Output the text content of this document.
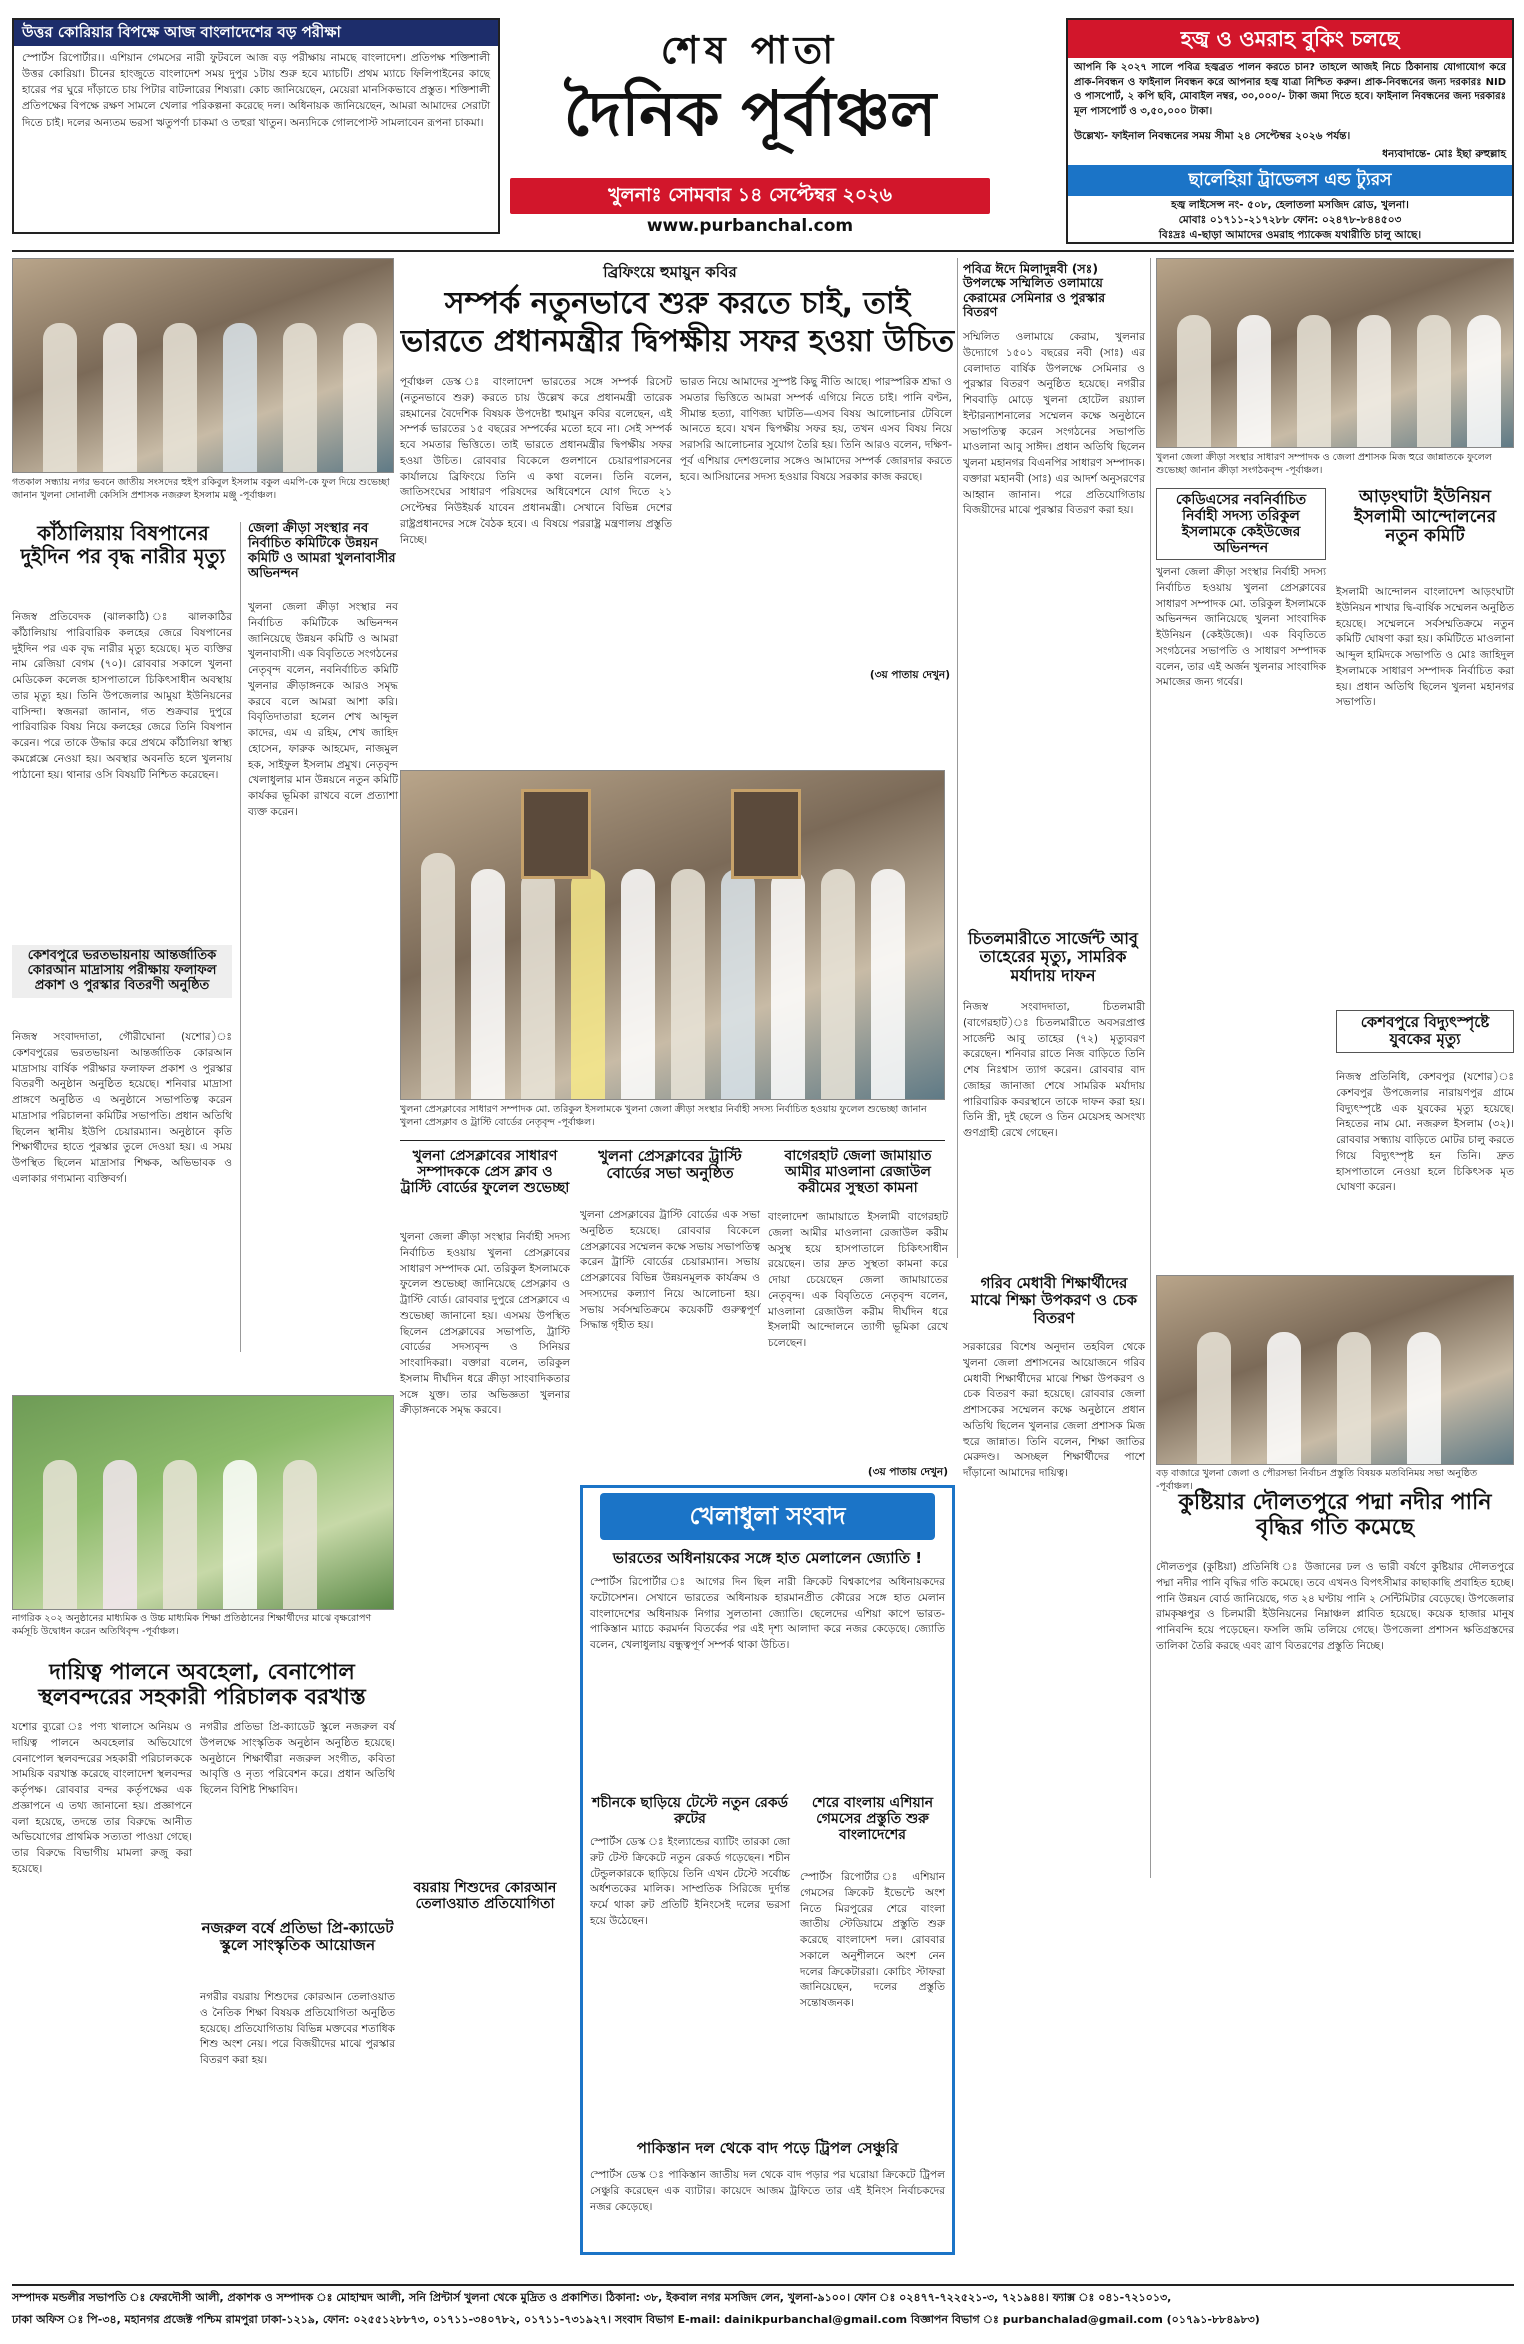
উত্তর কোরিয়ার বিপক্ষে আজ বাংলাদেশের বড় পরীক্ষা
স্পোর্টস রিপোর্টার।। এশিয়ান গেমসের নারী ফুটবলে আজ বড় পরীক্ষায় নামছে বাংলাদেশ। প্রতিপক্ষ শক্তিশালী উত্তর কোরিয়া। চীনের হাংজুতে বাংলাদেশ সময় দুপুর ১টায় শুরু হবে ম্যাচটি। প্রথম ম্যাচে ফিলিপাইনের কাছে হারের পর ঘুরে দাঁড়াতে চায় পিটার বাটলারের শিষ্যরা। কোচ জানিয়েছেন, মেয়েরা মানসিকভাবে প্রস্তুত। শক্তিশালী প্রতিপক্ষের বিপক্ষে রক্ষণ সামলে খেলার পরিকল্পনা করেছে দল। অধিনায়ক জানিয়েছেন, আমরা আমাদের সেরাটা দিতে চাই। দলের অন্যতম ভরসা ঋতুপর্ণা চাকমা ও তহুরা খাতুন। অন্যদিকে গোলপোস্ট সামলাবেন রূপনা চাকমা।
শেষ পাতা
দৈনিক পূর্বাঞ্চল
খুলনাঃ সোমবার ১৪ সেপ্টেম্বর ২০২৬
www.purbanchal.com
হজ্ব ও ওমরাহ বুকিং চলছে
আপনি কি ২০২৭ সালে পবিত্র হজ্বব্রত পালন করতে চান? তাহলে আজই নিচে ঠিকানায় যোগাযোগ করে প্রাক-নিবন্ধন ও ফাইনাল নিবন্ধন করে আপনার হজ্ব যাত্রা নিশ্চিত করুন। প্রাক-নিবন্ধনের জন্য দরকারঃ NID ও পাসপোর্ট, ২ কপি ছবি, মোবাইল নম্বর, ৩০,০০০/- টাকা জমা দিতে হবে। ফাইনাল নিবন্ধনের জন্য দরকারঃ মূল পাসপোর্ট ও ৩,৫০,০০০ টাকা।
উল্লেখ্য- ফাইনাল নিবন্ধনের সময় সীমা ২৪ সেপ্টেম্বর ২০২৬ পর্যন্ত।
ধন্যবাদান্তে- মোঃ ইছা রুহুল্লাহ
ছালেহিয়া ট্রাভেলস এন্ড ট্যুরস
হজ্ব লাইসেন্স নং- ৫০৮, হেলাতলা মসজিদ রোড, খুলনা।
মোবাঃ ০১৭১১-২১৭২৮৮ ফোন: ০২৪৭৮-৮৪৪৫০৩
বিঃদ্রঃ এ-ছাড়া আমাদের ওমরাহ প্যাকেজ যথারীতি চালু আছে।
গতকাল সন্ধ্যায় নগর ভবনে জাতীয় সংসদের হুইপ রকিবুল ইসলাম বকুল এমপি-কে ফুল দিয়ে শুভেচ্ছা জানান খুলনা সোনালী কেসিসি প্রশাসক নজরুল ইসলাম মঞ্জু -পূর্বাঞ্চল।
কাঁঠালিয়ায় বিষপানের দুইদিন পর বৃদ্ধ নারীর মৃত্যু
নিজস্ব প্রতিবেদক (ঝালকাঠি) ঃ ঝালকাঠির কাঁঠালিয়ায় পারিবারিক কলহের জেরে বিষপানের দুইদিন পর এক বৃদ্ধ নারীর মৃত্যু হয়েছে। মৃত ব্যক্তির নাম রেজিয়া বেগম (৭০)। রোববার সকালে খুলনা মেডিকেল কলেজ হাসপাতালে চিকিৎসাধীন অবস্থায় তার মৃত্যু হয়। তিনি উপজেলার আমুয়া ইউনিয়নের বাসিন্দা। স্বজনরা জানান, গত শুক্রবার দুপুরে পারিবারিক বিষয় নিয়ে কলহের জেরে তিনি বিষপান করেন। পরে তাকে উদ্ধার করে প্রথমে কাঁঠালিয়া স্বাস্থ্য কমপ্লেক্সে নেওয়া হয়। অবস্থার অবনতি হলে খুলনায় পাঠানো হয়। থানার ওসি বিষয়টি নিশ্চিত করেছেন।
কেশবপুরে ভরতভায়নায় আন্তর্জাতিক কোরআন মাদ্রাসায় পরীক্ষায় ফলাফল প্রকাশ ও পুরস্কার বিতরণী অনুষ্ঠিত
নিজস্ব সংবাদদাতা, গৌরীঘোনা (যশোর)ঃ কেশবপুরের ভরতভায়না আন্তর্জাতিক কোরআন মাদ্রাসায় বার্ষিক পরীক্ষার ফলাফল প্রকাশ ও পুরস্কার বিতরণী অনুষ্ঠান অনুষ্ঠিত হয়েছে। শনিবার মাদ্রাসা প্রাঙ্গণে অনুষ্ঠিত এ অনুষ্ঠানে সভাপতিত্ব করেন মাদ্রাসার পরিচালনা কমিটির সভাপতি। প্রধান অতিথি ছিলেন স্থানীয় ইউপি চেয়ারম্যান। অনুষ্ঠানে কৃতি শিক্ষার্থীদের হাতে পুরস্কার তুলে দেওয়া হয়। এ সময় উপস্থিত ছিলেন মাদ্রাসার শিক্ষক, অভিভাবক ও এলাকার গণ্যমান্য ব্যক্তিবর্গ।
জেলা ক্রীড়া সংস্থার নব নির্বাচিত কমিটিকে উন্নয়ন কমিটি ও আমরা খুলনাবাসীর অভিনন্দন
খুলনা জেলা ক্রীড়া সংস্থার নব নির্বাচিত কমিটিকে অভিনন্দন জানিয়েছে উন্নয়ন কমিটি ও আমরা খুলনাবাসী। এক বিবৃতিতে সংগঠনের নেতৃবৃন্দ বলেন, নবনির্বাচিত কমিটি খুলনার ক্রীড়াঙ্গনকে আরও সমৃদ্ধ করবে বলে আমরা আশা করি। বিবৃতিদাতারা হলেন শেখ আব্দুল কাদের, এম এ রহিম, শেখ জাহিদ হোসেন, ফারুক আহমেদ, নাজমুল হক, সাইফুল ইসলাম প্রমুখ। নেতৃবৃন্দ খেলাধুলার মান উন্নয়নে নতুন কমিটি কার্যকর ভূমিকা রাখবে বলে প্রত্যাশা ব্যক্ত করেন।
ব্রিফিংয়ে হুমায়ুন কবির
সম্পর্ক নতুনভাবে শুরু করতে চাই, তাই ভারতে প্রধানমন্ত্রীর দ্বিপক্ষীয় সফর হওয়া উচিত
পূর্বাঞ্চল ডেস্ক ঃ বাংলাদেশ ভারতের সঙ্গে সম্পর্ক রিসেট (নতুনভাবে শুরু) করতে চায় উল্লেখ করে প্রধানমন্ত্রী তারেক রহমানের বৈদেশিক বিষয়ক উপদেষ্টা হুমায়ুন কবির বলেছেন, এই সম্পর্ক ভারতের ১৫ বছরের সম্পর্কের মতো হবে না। সেই সম্পর্ক হবে সমতার ভিত্তিতে। তাই ভারতে প্রধানমন্ত্রীর দ্বিপক্ষীয় সফর হওয়া উচিত। রোববার বিকেলে গুলশানে চেয়ারপারসনের কার্যালয়ে ব্রিফিংয়ে তিনি এ কথা বলেন। তিনি বলেন, জাতিসংঘের সাধারণ পরিষদের অধিবেশনে যোগ দিতে ২১ সেপ্টেম্বর নিউইয়র্ক যাবেন প্রধানমন্ত্রী। সেখানে বিভিন্ন দেশের রাষ্ট্রপ্রধানদের সঙ্গে বৈঠক হবে। এ বিষয়ে পররাষ্ট্র মন্ত্রণালয় প্রস্তুতি নিচ্ছে।
ভারত নিয়ে আমাদের সুস্পষ্ট কিছু নীতি আছে। পারস্পরিক শ্রদ্ধা ও সমতার ভিত্তিতে আমরা সম্পর্ক এগিয়ে নিতে চাই। পানি বণ্টন, সীমান্ত হত্যা, বাণিজ্য ঘাটতি—এসব বিষয় আলোচনার টেবিলে আনতে হবে। যখন দ্বিপক্ষীয় সফর হয়, তখন এসব বিষয় নিয়ে সরাসরি আলোচনার সুযোগ তৈরি হয়। তিনি আরও বলেন, দক্ষিণ-পূর্ব এশিয়ার দেশগুলোর সঙ্গেও আমাদের সম্পর্ক জোরদার করতে হবে। আসিয়ানের সদস্য হওয়ার বিষয়ে সরকার কাজ করছে।
(৩য় পাতায় দেখুন)
পবিত্র ঈদে মিলাদুন্নবী (সঃ) উপলক্ষে সম্মিলিত ওলামায়ে কেরামের সেমিনার ও পুরস্কার বিতরণ
সম্মিলিত ওলামায়ে কেরাম, খুলনার উদ্যোগে ১৫০১ বছরের নবী (সাঃ) এর বেলাদাত বার্ষিক উপলক্ষে সেমিনার ও পুরস্কার বিতরণ অনুষ্ঠিত হয়েছে। নগরীর শিববাড়ি মোড়ে খুলনা হোটেল রয়্যাল ইন্টারন্যাশনালের সম্মেলন কক্ষে অনুষ্ঠানে সভাপতিত্ব করেন সংগঠনের সভাপতি মাওলানা আবু সাঈদ। প্রধান অতিথি ছিলেন খুলনা মহানগর বিএনপির সাধারণ সম্পাদক। বক্তারা মহানবী (সাঃ) এর আদর্শ অনুসরণের আহ্বান জানান। পরে প্রতিযোগিতায় বিজয়ীদের মাঝে পুরস্কার বিতরণ করা হয়।
খুলনা প্রেসক্লাবের সাধারণ সম্পাদক মো. তরিকুল ইসলামকে খুলনা জেলা ক্রীড়া সংস্থার নির্বাহী সদস্য নির্বাচিত হওয়ায় ফুলেল শুভেচ্ছা জানান খুলনা প্রেসক্লাব ও ট্রাস্টি বোর্ডের নেতৃবৃন্দ -পূর্বাঞ্চল।
চিতলমারীতে সার্জেন্ট আবু তাহেরের মৃত্যু, সামরিক মর্যাদায় দাফন
নিজস্ব সংবাদদাতা, চিতলমারী (বাগেরহাট)ঃ চিতলমারীতে অবসরপ্রাপ্ত সার্জেন্ট আবু তাহের (৭২) মৃত্যুবরণ করেছেন। শনিবার রাতে নিজ বাড়িতে তিনি শেষ নিঃশ্বাস ত্যাগ করেন। রোববার বাদ জোহর জানাজা শেষে সামরিক মর্যাদায় পারিবারিক কবরস্থানে তাকে দাফন করা হয়। তিনি স্ত্রী, দুই ছেলে ও তিন মেয়েসহ অসংখ্য গুণগ্রাহী রেখে গেছেন।
গরিব মেধাবী শিক্ষার্থীদের মাঝে শিক্ষা উপকরণ ও চেক বিতরণ
সরকারের বিশেষ অনুদান তহবিল থেকে খুলনা জেলা প্রশাসনের আয়োজনে গরিব মেধাবী শিক্ষার্থীদের মাঝে শিক্ষা উপকরণ ও চেক বিতরণ করা হয়েছে। রোববার জেলা প্রশাসকের সম্মেলন কক্ষে অনুষ্ঠানে প্রধান অতিথি ছিলেন খুলনার জেলা প্রশাসক মিজ হুরে জান্নাত। তিনি বলেন, শিক্ষা জাতির মেরুদণ্ড। অসচ্ছল শিক্ষার্থীদের পাশে দাঁড়ানো আমাদের দায়িত্ব।
খুলনা জেলা ক্রীড়া সংস্থার সাধারণ সম্পাদক ও জেলা প্রশাসক মিজ হুরে জান্নাতকে ফুলেল শুভেচ্ছা জানান ক্রীড়া সংগঠকবৃন্দ -পূর্বাঞ্চল।
কেডিএসের নবনির্বাচিত নির্বাহী সদস্য তরিকুল ইসলামকে কেইউজের অভিনন্দন
খুলনা জেলা ক্রীড়া সংস্থার নির্বাহী সদস্য নির্বাচিত হওয়ায় খুলনা প্রেসক্লাবের সাধারণ সম্পাদক মো. তরিকুল ইসলামকে অভিনন্দন জানিয়েছে খুলনা সাংবাদিক ইউনিয়ন (কেইউজে)। এক বিবৃতিতে সংগঠনের সভাপতি ও সাধারণ সম্পাদক বলেন, তার এই অর্জন খুলনার সাংবাদিক সমাজের জন্য গর্বের।
আড়ংঘাটা ইউনিয়ন ইসলামী আন্দোলনের নতুন কমিটি
ইসলামী আন্দোলন বাংলাদেশ আড়ংঘাটা ইউনিয়ন শাখার দ্বি-বার্ষিক সম্মেলন অনুষ্ঠিত হয়েছে। সম্মেলনে সর্বসম্মতিক্রমে নতুন কমিটি ঘোষণা করা হয়। কমিটিতে মাওলানা আব্দুল হামিদকে সভাপতি ও মোঃ জাহিদুল ইসলামকে সাধারণ সম্পাদক নির্বাচিত করা হয়। প্রধান অতিথি ছিলেন খুলনা মহানগর সভাপতি।
কেশবপুরে বিদ্যুৎস্পৃষ্টে যুবকের মৃত্যু
নিজস্ব প্রতিনিধি, কেশবপুর (যশোর)ঃ কেশবপুর উপজেলার নারায়ণপুর গ্রামে বিদ্যুৎস্পৃষ্টে এক যুবকের মৃত্যু হয়েছে। নিহতের নাম মো. নজরুল ইসলাম (৩২)। রোববার সন্ধ্যায় বাড়িতে মোটর চালু করতে গিয়ে বিদ্যুৎস্পৃষ্ট হন তিনি। দ্রুত হাসপাতালে নেওয়া হলে চিকিৎসক মৃত ঘোষণা করেন।
বড় বাজারে খুলনা জেলা ও পৌরসভা নির্বাচন প্রস্তুতি বিষয়ক মতবিনিময় সভা অনুষ্ঠিত -পূর্বাঞ্চল।
খুলনা প্রেসক্লাবের সাধারণ সম্পাদককে প্রেস ক্লাব ও ট্রাস্টি বোর্ডের ফুলেল শুভেচ্ছা
খুলনা জেলা ক্রীড়া সংস্থার নির্বাহী সদস্য নির্বাচিত হওয়ায় খুলনা প্রেসক্লাবের সাধারণ সম্পাদক মো. তরিকুল ইসলামকে ফুলেল শুভেচ্ছা জানিয়েছে প্রেসক্লাব ও ট্রাস্টি বোর্ড। রোববার দুপুরে প্রেসক্লাবে এ শুভেচ্ছা জানানো হয়। এসময় উপস্থিত ছিলেন প্রেসক্লাবের সভাপতি, ট্রাস্টি বোর্ডের সদস্যবৃন্দ ও সিনিয়র সাংবাদিকরা। বক্তারা বলেন, তরিকুল ইসলাম দীর্ঘদিন ধরে ক্রীড়া সাংবাদিকতার সঙ্গে যুক্ত। তার অভিজ্ঞতা খুলনার ক্রীড়াঙ্গনকে সমৃদ্ধ করবে।
খুলনা প্রেসক্লাবের ট্রাস্টি বোর্ডের সভা অনুষ্ঠিত
খুলনা প্রেসক্লাবের ট্রাস্টি বোর্ডের এক সভা অনুষ্ঠিত হয়েছে। রোববার বিকেলে প্রেসক্লাবের সম্মেলন কক্ষে সভায় সভাপতিত্ব করেন ট্রাস্টি বোর্ডের চেয়ারম্যান। সভায় প্রেসক্লাবের বিভিন্ন উন্নয়নমূলক কার্যক্রম ও সদস্যদের কল্যাণ নিয়ে আলোচনা হয়। সভায় সর্বসম্মতিক্রমে কয়েকটি গুরুত্বপূর্ণ সিদ্ধান্ত গৃহীত হয়।
বাগেরহাট জেলা জামায়াত আমীর মাওলানা রেজাউল করীমের সুস্থতা কামনা
বাংলাদেশ জামায়াতে ইসলামী বাগেরহাট জেলা আমীর মাওলানা রেজাউল করীম অসুস্থ হয়ে হাসপাতালে চিকিৎসাধীন রয়েছেন। তার দ্রুত সুস্থতা কামনা করে দোয়া চেয়েছেন জেলা জামায়াতের নেতৃবৃন্দ। এক বিবৃতিতে নেতৃবৃন্দ বলেন, মাওলানা রেজাউল করীম দীর্ঘদিন ধরে ইসলামী আন্দোলনে ত্যাগী ভূমিকা রেখে চলেছেন।
(৩য় পাতায় দেখুন)
খেলাধুলা সংবাদ
ভারতের অধিনায়কের সঙ্গে হাত মেলালেন জ্যোতি !
স্পোর্টস রিপোর্টার ঃ আগের দিন ছিল নারী ক্রিকেট বিশ্বকাপের অধিনায়কদের ফটোসেশন। সেখানে ভারতের অধিনায়ক হারমানপ্রীত কৌরের সঙ্গে হাত মেলান বাংলাদেশের অধিনায়ক নিগার সুলতানা জ্যোতি। ছেলেদের এশিয়া কাপে ভারত-পাকিস্তান ম্যাচে করমর্দন বিতর্কের পর এই দৃশ্য আলাদা করে নজর কেড়েছে। জ্যোতি বলেন, খেলাধুলায় বন্ধুত্বপূর্ণ সম্পর্ক থাকা উচিত।
শচীনকে ছাড়িয়ে টেস্টে নতুন রেকর্ড রুটের
স্পোর্টস ডেস্ক ঃ ইংল্যান্ডের ব্যাটিং তারকা জো রুট টেস্ট ক্রিকেটে নতুন রেকর্ড গড়েছেন। শচীন টেন্ডুলকারকে ছাড়িয়ে তিনি এখন টেস্টে সর্বোচ্চ অর্ধশতকের মালিক। সাম্প্রতিক সিরিজে দুর্দান্ত ফর্মে থাকা রুট প্রতিটি ইনিংসেই দলের ভরসা হয়ে উঠেছেন।
শেরে বাংলায় এশিয়ান গেমসের প্রস্তুতি শুরু বাংলাদেশের
স্পোর্টস রিপোর্টার ঃ এশিয়ান গেমসের ক্রিকেট ইভেন্টে অংশ নিতে মিরপুরের শেরে বাংলা জাতীয় স্টেডিয়ামে প্রস্তুতি শুরু করেছে বাংলাদেশ দল। রোববার সকালে অনুশীলনে অংশ নেন দলের ক্রিকেটাররা। কোচিং স্টাফরা জানিয়েছেন, দলের প্রস্তুতি সন্তোষজনক।
পাকিস্তান দল থেকে বাদ পড়ে ট্রিপল সেঞ্চুরি
স্পোর্টস ডেস্ক ঃ পাকিস্তান জাতীয় দল থেকে বাদ পড়ার পর ঘরোয়া ক্রিকেটে ট্রিপল সেঞ্চুরি করেছেন এক ব্যাটার। কায়েদে আজম ট্রফিতে তার এই ইনিংস নির্বাচকদের নজর কেড়েছে।
নাগরিক ২০২ অনুষ্ঠানের মাধ্যমিক ও উচ্চ মাধ্যমিক শিক্ষা প্রতিষ্ঠানের শিক্ষার্থীদের মাঝে বৃক্ষরোপণ কর্মসূচি উদ্বোধন করেন অতিথিবৃন্দ -পূর্বাঞ্চল।
দায়িত্ব পালনে অবহেলা, বেনাপোল স্থলবন্দরের সহকারী পরিচালক বরখাস্ত
যশোর ব্যুরো ঃ পণ্য খালাসে অনিয়ম ও দায়িত্ব পালনে অবহেলার অভিযোগে বেনাপোল স্থলবন্দরের সহকারী পরিচালককে সাময়িক বরখাস্ত করেছে বাংলাদেশ স্থলবন্দর কর্তৃপক্ষ। রোববার বন্দর কর্তৃপক্ষের এক প্রজ্ঞাপনে এ তথ্য জানানো হয়। প্রজ্ঞাপনে বলা হয়েছে, তদন্তে তার বিরুদ্ধে আনীত অভিযোগের প্রাথমিক সত্যতা পাওয়া গেছে। তার বিরুদ্ধে বিভাগীয় মামলা রুজু করা হয়েছে।
নজরুল বর্ষে প্রতিভা প্রি-ক্যাডেট স্কুলে সাংস্কৃতিক আয়োজন
নগরীর প্রতিভা প্রি-ক্যাডেট স্কুলে নজরুল বর্ষ উপলক্ষে সাংস্কৃতিক অনুষ্ঠান অনুষ্ঠিত হয়েছে। অনুষ্ঠানে শিক্ষার্থীরা নজরুল সংগীত, কবিতা আবৃত্তি ও নৃত্য পরিবেশন করে। প্রধান অতিথি ছিলেন বিশিষ্ট শিক্ষাবিদ।
নগরীর বয়রায় শিশুদের কোরআন তেলাওয়াত ও নৈতিক শিক্ষা বিষয়ক প্রতিযোগিতা অনুষ্ঠিত হয়েছে। প্রতিযোগিতায় বিভিন্ন মক্তবের শতাধিক শিশু অংশ নেয়। পরে বিজয়ীদের মাঝে পুরস্কার বিতরণ করা হয়।
বয়রায় শিশুদের কোরআন তেলাওয়াত প্রতিযোগিতা
কুষ্টিয়ার দৌলতপুরে পদ্মা নদীর পানি বৃদ্ধির গতি কমেছে
দৌলতপুর (কুষ্টিয়া) প্রতিনিধি ঃ উজানের ঢল ও ভারী বর্ষণে কুষ্টিয়ার দৌলতপুরে পদ্মা নদীর পানি বৃদ্ধির গতি কমেছে। তবে এখনও বিপৎসীমার কাছাকাছি প্রবাহিত হচ্ছে। পানি উন্নয়ন বোর্ড জানিয়েছে, গত ২৪ ঘণ্টায় পানি ২ সেন্টিমিটার বেড়েছে। উপজেলার রামকৃষ্ণপুর ও চিলমারী ইউনিয়নের নিম্নাঞ্চল প্লাবিত হয়েছে। কয়েক হাজার মানুষ পানিবন্দি হয়ে পড়েছেন। ফসলি জমি তলিয়ে গেছে। উপজেলা প্রশাসন ক্ষতিগ্রস্তদের তালিকা তৈরি করছে এবং ত্রাণ বিতরণের প্রস্তুতি নিচ্ছে।
সম্পাদক মন্ডলীর সভাপতি ঃ ফেরদৌসী আলী, প্রকাশক ও সম্পাদক ঃ মোহাম্মদ আলী, সনি প্রিন্টার্স খুলনা থেকে মুদ্রিত ও প্রকাশিত। ঠিকানা: ৩৮, ইকবাল নগর মসজিদ লেন, খুলনা-৯১০০। ফোন ঃ ০২৪৭৭-৭২২৫২১-৩, ৭২১৯৪৪। ফ্যাক্স ঃ ০৪১-৭২১০১৩,
ঢাকা অফিস ঃ পি-৩৪, মহানগর প্রজেক্ট পশ্চিম রামপুরা ঢাকা-১২১৯, ফোন: ০২৫৫১২৮৮৭৩, ০১৭১১-৩৪০৭৮২, ০১৭১১-৭৩১৯২৭। সংবাদ বিভাগ E-mail: dainikpurbanchal@gmail.com বিজ্ঞাপন বিভাগ ঃ purbanchalad@gmail.com (০১৭৯১-৮৮৪৯৮৩)
